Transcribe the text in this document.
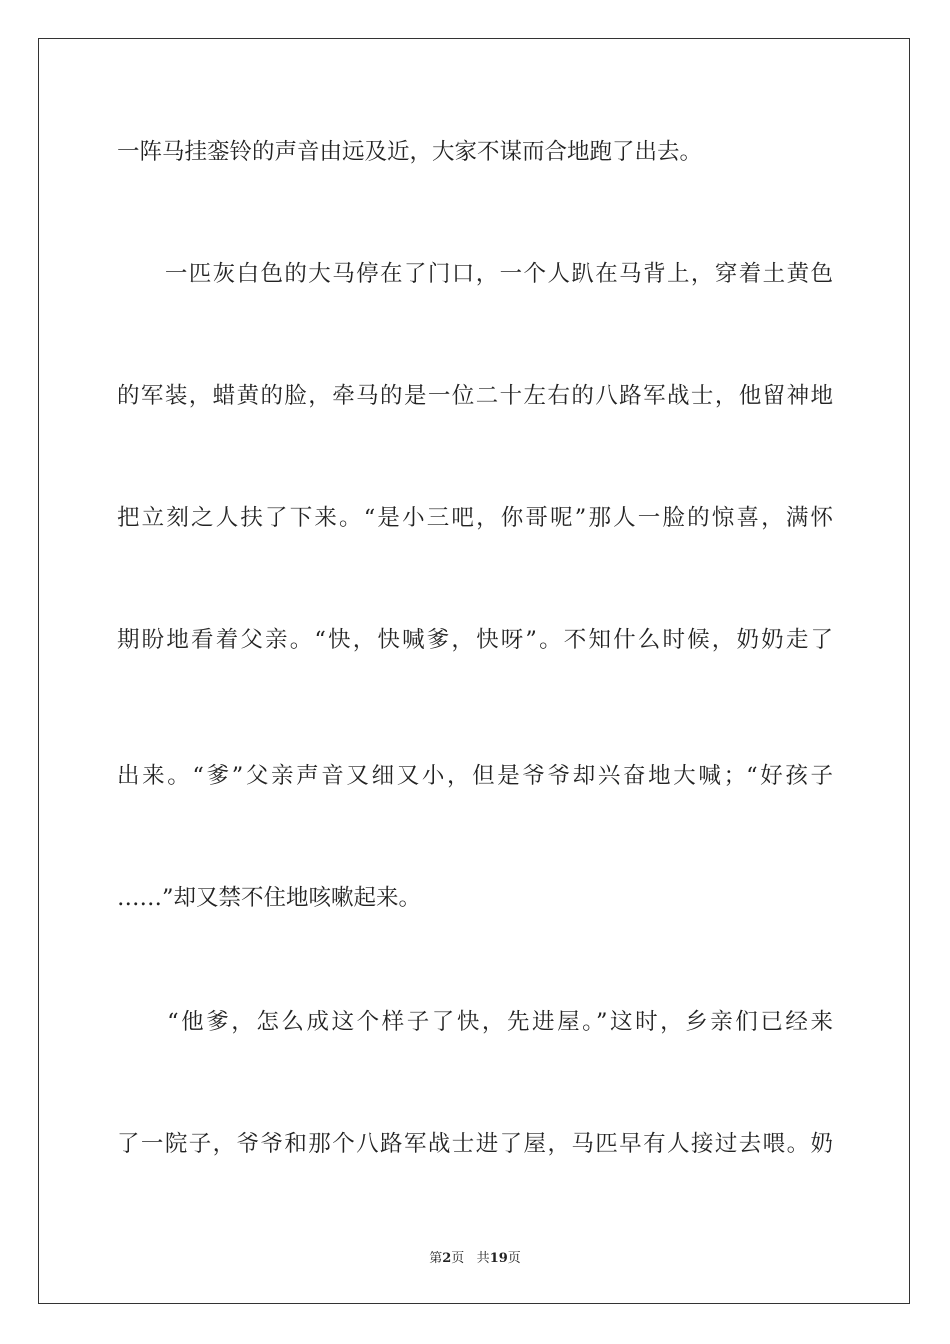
一阵马挂銮铃的声音由远及近，大家不谋而合地跑了出去。
　　一匹灰白色的大马停在了门口，一个人趴在马背上，穿着土黄色
的军装，蜡黄的脸，牵马的是一位二十左右的八路军战士，他留神地
把立刻之人扶了下来。“是小三吧，你哥呢”那人一脸的惊喜，满怀
期盼地看着父亲。“快，快喊爹，快呀”。不知什么时候，奶奶走了
出来。“爹”父亲声音又细又小，但是爷爷却兴奋地大喊；“好孩子
……”却又禁不住地咳嗽起来。
　　“他爹，怎么成这个样子了快，先进屋。”这时，乡亲们已经来
了一院子，爷爷和那个八路军战士进了屋，马匹早有人接过去喂。奶
第2页 共19页
